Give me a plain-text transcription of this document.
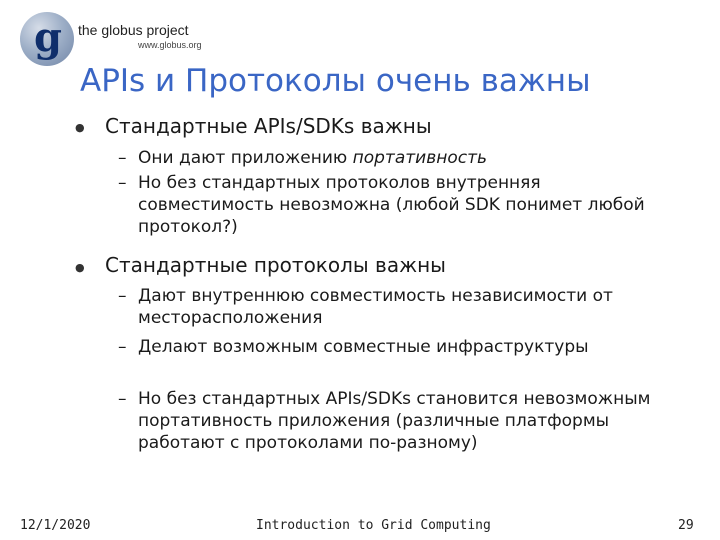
g the globus project
www.globus.org
APIs и Протоколы очень важны
● Стандартные APIs/SDKs важны
– Они дают приложению портативность
– Но без стандартных протоколов внутренняя совместимость невозможна (любой SDK понимет любой протокол?)
● Стандартные протоколы важны
– Дают внутреннюю совместимость независимости от месторасположения
– Делают возможным совместные инфраструктуры
– Но без стандартных APIs/SDKs становится невозможным портативность приложения (различные платформы работают с протоколами по-разному)
12/1/2020	Introduction to Grid Computing	29
